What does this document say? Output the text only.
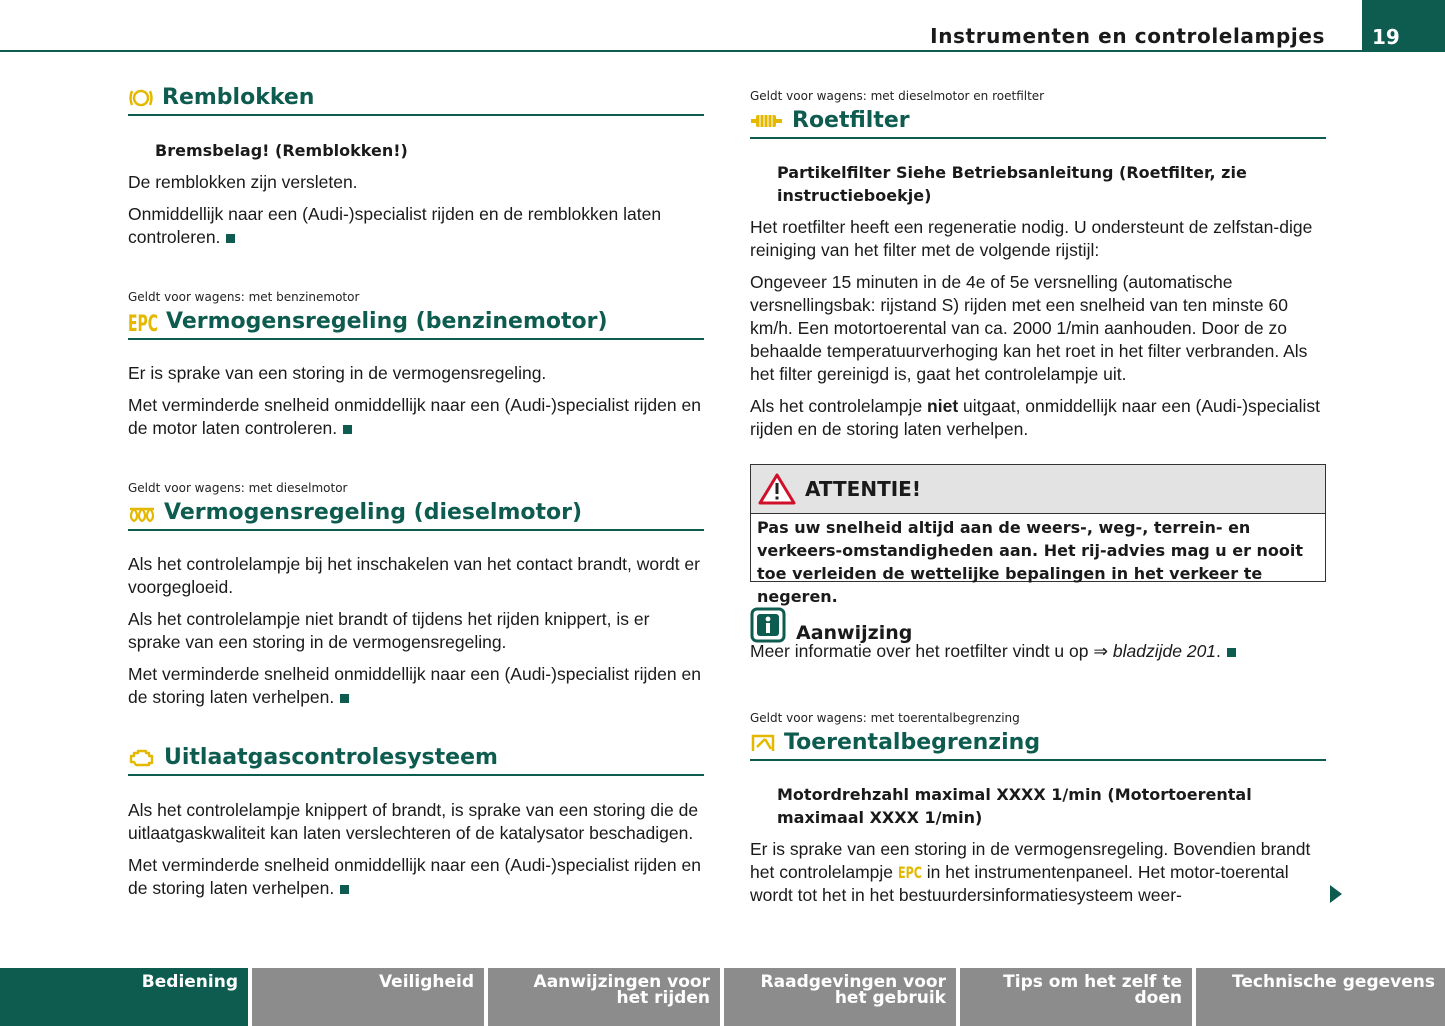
Instrumenten en controlelampjes	19
Remblokken
Bremsbelag! (Remblokken!)

De remblokken zijn versleten.

Onmiddellijk naar een (Audi-)specialist rijden en de remblokken laten controleren.

Geldt voor wagens: met benzinemotor

EPC Vermogensregeling (benzinemotor)

Er is sprake van een storing in de vermogensregeling.

Met verminderde snelheid onmiddellijk naar een (Audi-)specialist rijden en de motor laten controleren.

Geldt voor wagens: met dieselmotor

Vermogensregeling (dieselmotor)

Als het controlelampje bij het inschakelen van het contact brandt, wordt er voorgegloeid.

Als het controlelampje niet brandt of tijdens het rijden knippert, is er sprake van een storing in de vermogensregeling.

Met verminderde snelheid onmiddellijk naar een (Audi-)specialist rijden en de storing laten verhelpen.

Uitlaatgascontrolesysteem

Als het controlelampje knippert of brandt, is sprake van een storing die de uitlaatgaskwaliteit kan laten verslechteren of de katalysator beschadigen.

Met verminderde snelheid onmiddellijk naar een (Audi-)specialist rijden en de storing laten verhelpen.

Geldt voor wagens: met dieselmotor en roetfilter

Roetfilter
Partikelfilter Siehe Betriebsanleitung (Roetfilter, zie instructieboekje)

Het roetfilter heeft een regeneratie nodig. U ondersteunt de zelfstan-dige reiniging van het filter met de volgende rijstijl:

Ongeveer 15 minuten in de 4e of 5e versnelling (automatische versnellingsbak: rijstand S) rijden met een snelheid van ten minste 60 km/h. Een motortoerental van ca. 2000 1/min aanhouden. Door de zo behaalde temperatuurverhoging kan het roet in het filter verbranden. Als het filter gereinigd is, gaat het controlelampje uit.

Als het controlelampje niet uitgaat, onmiddellijk naar een (Audi-)specialist rijden en de storing laten verhelpen.

ATTENTIE!
Pas uw snelheid altijd aan de weers-, weg-, terrein- en verkeers-omstandigheden aan. Het rij-advies mag u er nooit toe verleiden de wettelijke bepalingen in het verkeer te negeren.
Aanwijzing

Meer informatie over het roetfilter vindt u op ⇒ bladzijde 201.

Geldt voor wagens: met toerentalbegrenzing

Toerentalbegrenzing
Motordrehzahl maximal XXXX 1/min (Motortoerental maximaal XXXX 1/min)

Er is sprake van een storing in de vermogensregeling. Bovendien brandt het controlelampje EPC in het instrumentenpaneel. Het motor-toerental wordt tot het in het bestuurdersinformatiesysteem weer-

Bediening	Veiligheid	Aanwijzingen voor het rijden
Raadgevingen voor het gebruik
Tips om het zelf te doen
Technische gegevens
